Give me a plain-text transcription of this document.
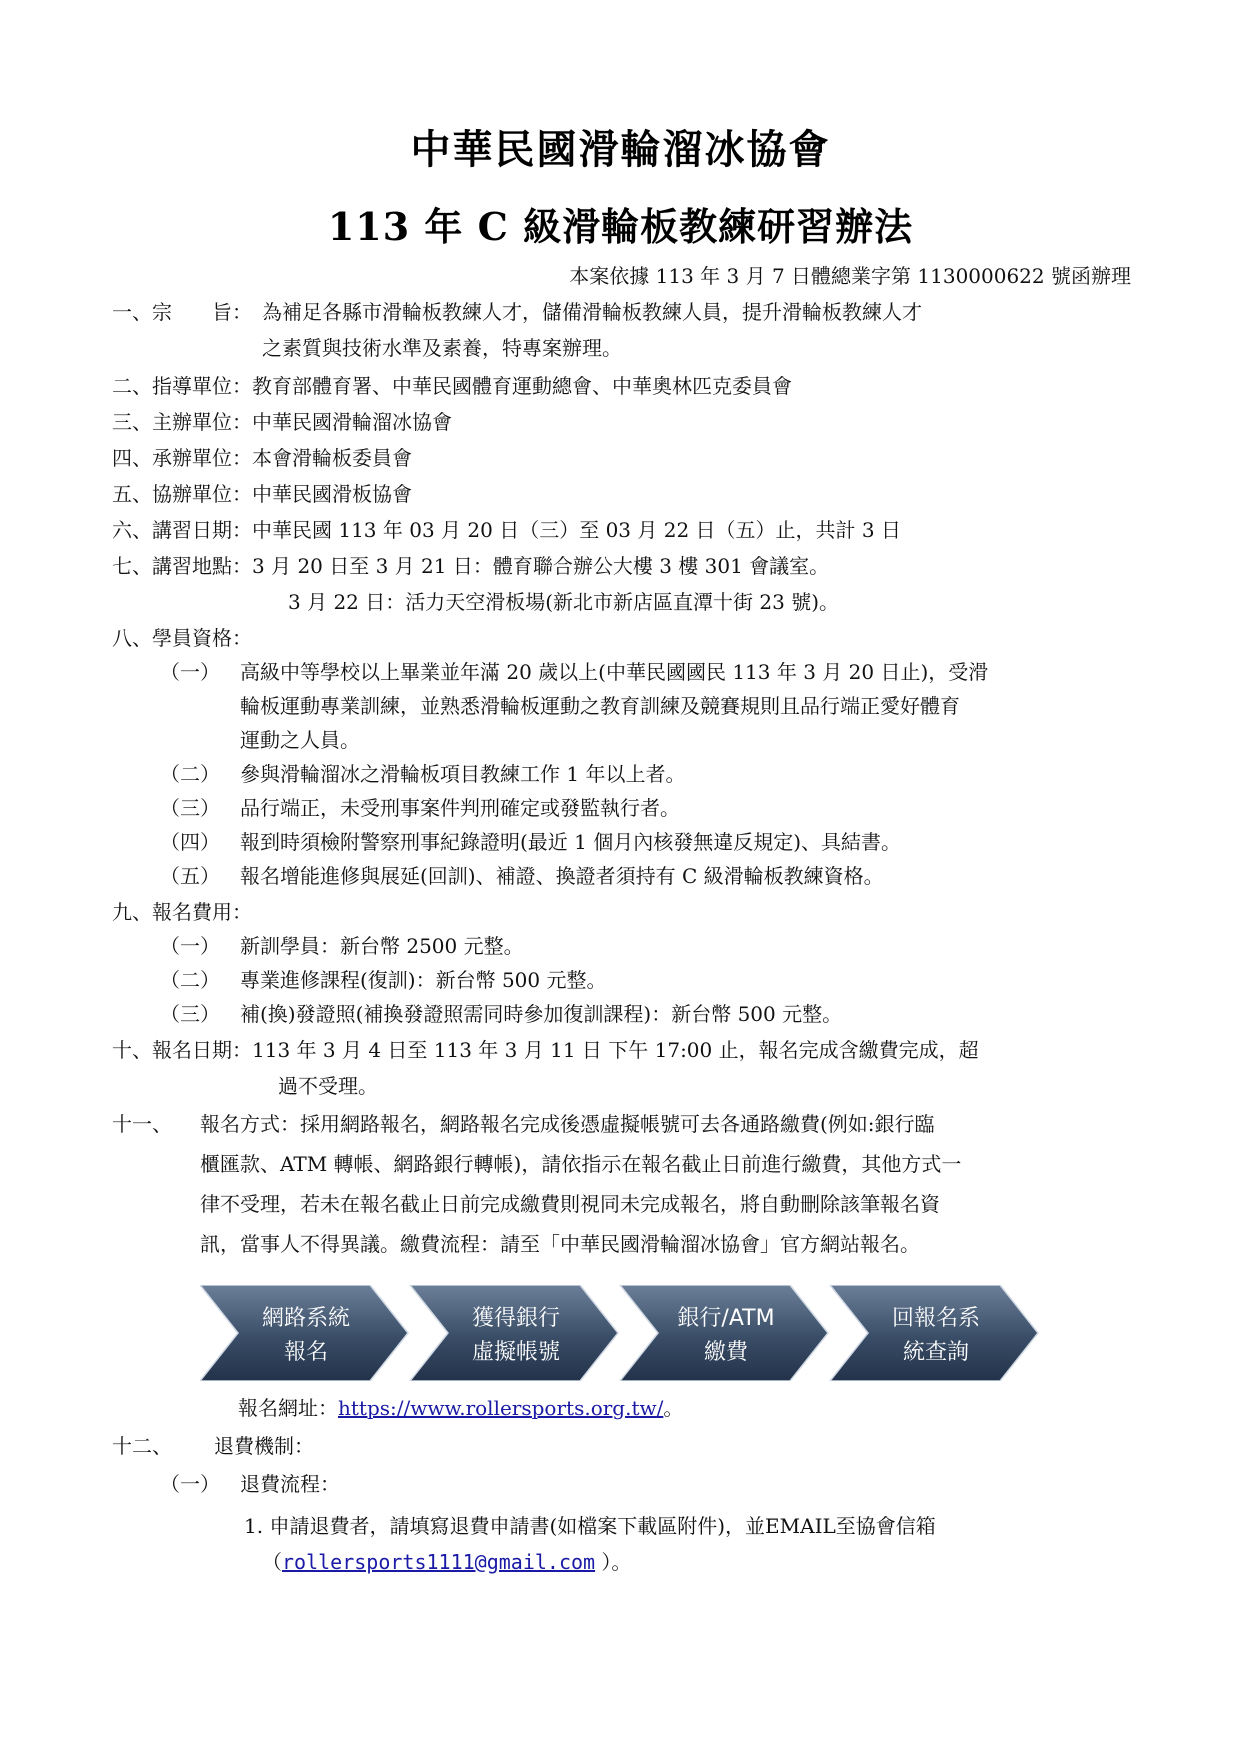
中華民國滑輪溜冰協會
113 年 C 級滑輪板教練研習辦法
本案依據 113 年 3 月 7 日體總業字第 1130000622 號函辦理
一、宗　　旨： 為補足各縣市滑輪板教練人才，儲備滑輪板教練人員，提升滑輪板教練人才
之素質與技術水準及素養，特專案辦理。
二、指導單位：教育部體育署、中華民國體育運動總會、中華奧林匹克委員會
三、主辦單位：中華民國滑輪溜冰協會
四、承辦單位：本會滑輪板委員會
五、協辦單位：中華民國滑板協會
六、講習日期：中華民國 113 年 03 月 20 日（三）至 03 月 22 日（五）止，共計 3 日
七、講習地點：3 月 20 日至 3 月 21 日：體育聯合辦公大樓 3 樓 301 會議室。
3 月 22 日：活力天空滑板場(新北市新店區直潭十街 23 號)。
八、學員資格：
（一） 高級中等學校以上畢業並年滿 20 歲以上(中華民國國民 113 年 3 月 20 日止)，受滑
輪板運動專業訓練，並熟悉滑輪板運動之教育訓練及競賽規則且品行端正愛好體育
運動之人員。
（二） 參與滑輪溜冰之滑輪板項目教練工作 1 年以上者。
（三） 品行端正，未受刑事案件判刑確定或發監執行者。
（四） 報到時須檢附警察刑事紀錄證明(最近 1 個月內核發無違反規定)、具結書。
（五） 報名增能進修與展延(回訓)、補證、換證者須持有 C 級滑輪板教練資格。
九、報名費用：
（一） 新訓學員：新台幣 2500 元整。
（二） 專業進修課程(復訓)：新台幣 500 元整。
（三） 補(換)發證照(補換發證照需同時參加復訓課程)：新台幣 500 元整。
十、報名日期：113 年 3 月 4 日至 113 年 3 月 11 日 下午 17:00 止，報名完成含繳費完成，超
過不受理。
十一、 報名方式：採用網路報名，網路報名完成後憑虛擬帳號可去各通路繳費(例如:銀行臨
櫃匯款、ATM 轉帳、網路銀行轉帳)，請依指示在報名截止日前進行繳費，其他方式一
律不受理，若未在報名截止日前完成繳費則視同未完成報名，將自動刪除該筆報名資
訊，當事人不得異議。繳費流程：請至「中華民國滑輪溜冰協會」官方網站報名。
網路系統
報名
獲得銀行
虛擬帳號
銀行/ATM
繳費
回報名系
統查詢
報名網址：https://www.rollersports.org.tw/。
十二、 退費機制：
（一） 退費流程：
1. 申請退費者，請填寫退費申請書(如檔案下載區附件)，並EMAIL至協會信箱
（rollersports1111@gmail.com ）。
